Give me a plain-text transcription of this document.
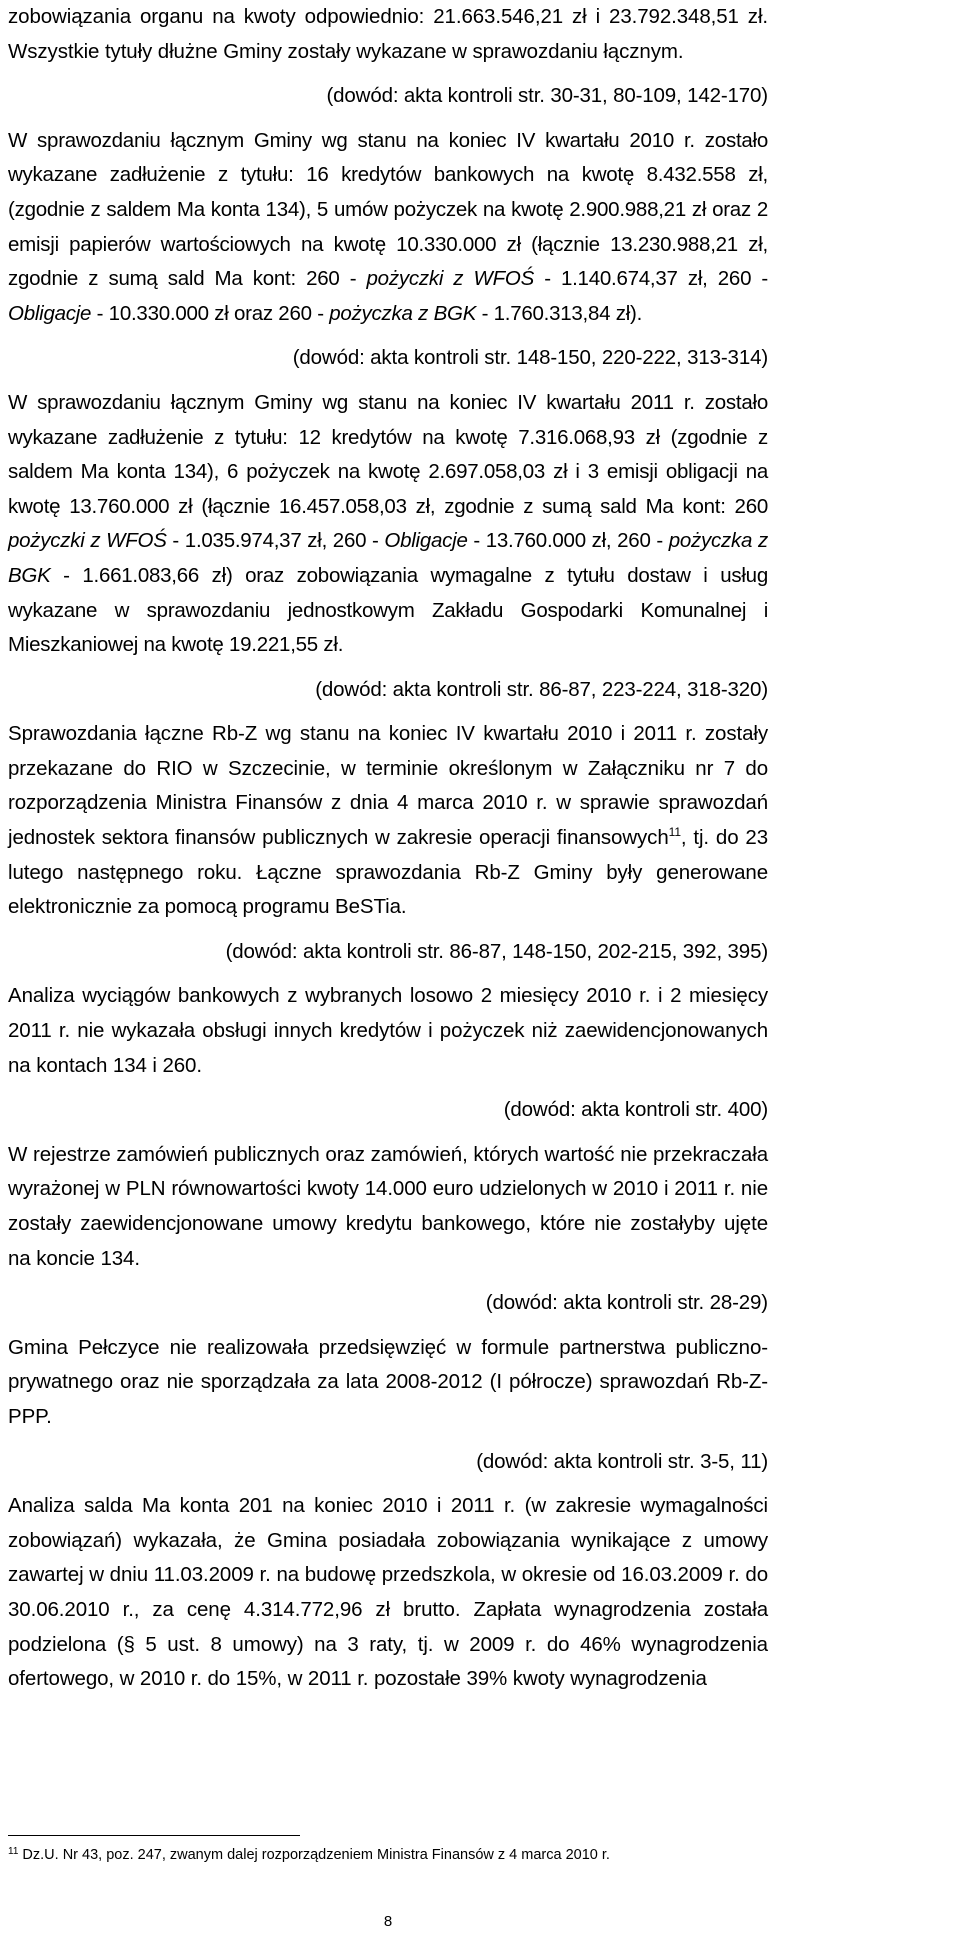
zobowiązania organu na kwoty odpowiednio: 21.663.546,21 zł i 23.792.348,51 zł. Wszystkie tytuły dłużne Gminy zostały wykazane w sprawozdaniu łącznym.

(dowód: akta kontroli str. 30-31, 80-109, 142-170)

W sprawozdaniu łącznym Gminy wg stanu na koniec IV kwartału 2010 r. zostało wykazane zadłużenie z tytułu: 16 kredytów bankowych na kwotę 8.432.558 zł, (zgodnie z saldem Ma konta 134), 5 umów pożyczek na kwotę 2.900.988,21 zł oraz 2 emisji papierów wartościowych na kwotę 10.330.000 zł (łącznie 13.230.988,21 zł, zgodnie z sumą sald Ma kont: 260 - pożyczki z WFOŚ - 1.140.674,37 zł, 260 - Obligacje - 10.330.000 zł oraz 260 - pożyczka z BGK - 1.760.313,84 zł).

(dowód: akta kontroli str. 148-150, 220-222, 313-314)

W sprawozdaniu łącznym Gminy wg stanu na koniec IV kwartału 2011 r. zostało wykazane zadłużenie z tytułu: 12 kredytów na kwotę 7.316.068,93 zł (zgodnie z saldem Ma konta 134), 6 pożyczek na kwotę 2.697.058,03 zł i 3 emisji obligacji na kwotę 13.760.000 zł (łącznie 16.457.058,03 zł, zgodnie z sumą sald Ma kont: 260 pożyczki z WFOŚ - 1.035.974,37 zł, 260 - Obligacje - 13.760.000 zł, 260 - pożyczka z BGK - 1.661.083,66 zł) oraz zobowiązania wymagalne z tytułu dostaw i usług wykazane w sprawozdaniu jednostkowym Zakładu Gospodarki Komunalnej i Mieszkaniowej na kwotę 19.221,55 zł.

(dowód: akta kontroli str. 86-87, 223-224, 318-320)

Sprawozdania łączne Rb-Z wg stanu na koniec IV kwartału 2010 i 2011 r. zostały przekazane do RIO w Szczecinie, w terminie określonym w Załączniku nr 7 do rozporządzenia Ministra Finansów z dnia 4 marca 2010 r. w sprawie sprawozdań jednostek sektora finansów publicznych w zakresie operacji finansowych$^{11}$, tj. do 23 lutego następnego roku. Łączne sprawozdania Rb-Z Gminy były generowane elektronicznie za pomocą programu BeSTia.

(dowód: akta kontroli str. 86-87, 148-150, 202-215, 392, 395)

Analiza wyciągów bankowych z wybranych losowo 2 miesięcy 2010 r. i 2 miesięcy 2011 r. nie wykazała obsługi innych kredytów i pożyczek niż zaewidencjonowanych na kontach 134 i 260.

(dowód: akta kontroli str. 400)

W rejestrze zamówień publicznych oraz zamówień, których wartość nie przekraczała wyrażonej w PLN równowartości kwoty 14.000 euro udzielonych w 2010 i 2011 r. nie zostały zaewidencjonowane umowy kredytu bankowego, które nie zostałyby ujęte na koncie 134.

(dowód: akta kontroli str. 28-29)

Gmina Pełczyce nie realizowała przedsięwzięć w formule partnerstwa publiczno-prywatnego oraz nie sporządzała za lata 2008-2012 (I półrocze) sprawozdań Rb-Z-PPP.

(dowód: akta kontroli str. 3-5, 11)

Analiza salda Ma konta 201 na koniec 2010 i 2011 r. (w zakresie wymagalności zobowiązań) wykazała, że Gmina posiadała zobowiązania wynikające z umowy zawartej w dniu 11.03.2009 r. na budowę przedszkola, w okresie od 16.03.2009 r. do 30.06.2010 r., za cenę 4.314.772,96 zł brutto. Zapłata wynagrodzenia została podzielona (§ 5 ust. 8 umowy) na 3 raty, tj. w 2009 r. do 46% wynagrodzenia ofertowego, w 2010 r. do 15%, w 2011 r. pozostałe 39% kwoty wynagrodzenia

$^{11}$ Dz.U. Nr 43, poz. 247, zwanym dalej rozporządzeniem Ministra Finansów z 4 marca 2010 r.
8
